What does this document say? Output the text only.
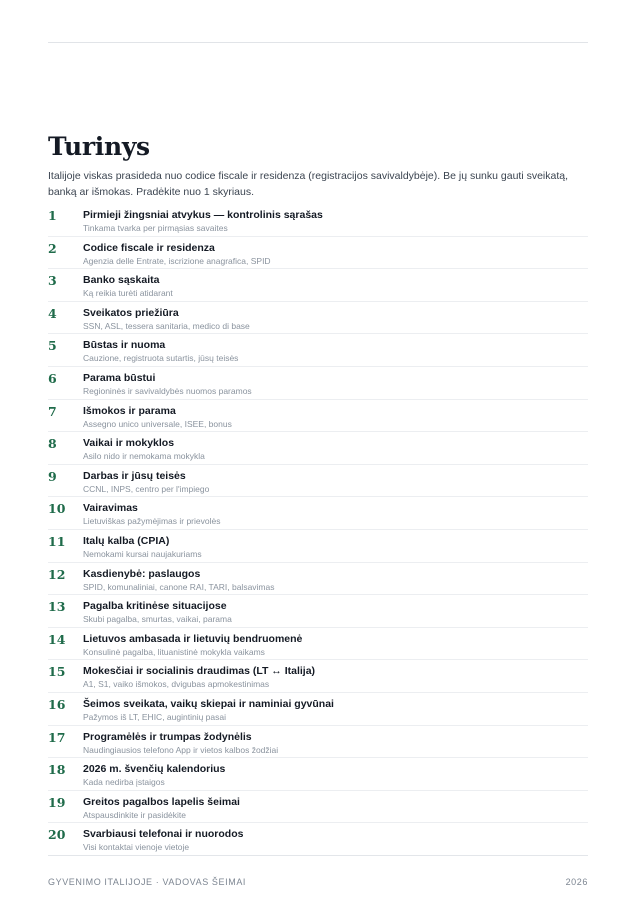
Turinys

Italijoje viskas prasideda nuo codice fiscale ir residenza (registracijos savivaldybėje). Be jų sunku gauti sveikatą, banką ar išmokas. Pradėkite nuo 1 skyriaus.

1	Pirmieji žingsniai atvykus — kontrolinis sąrašas
Tinkama tvarka per pirmąsias savaites
2	Codice fiscale ir residenza
Agenzia delle Entrate, iscrizione anagrafica, SPID
3	Banko sąskaita
Ką reikia turėti atidarant
4	Sveikatos priežiūra
SSN, ASL, tessera sanitaria, medico di base
5	Būstas ir nuoma
Cauzione, registruota sutartis, jūsų teisės
6	Parama būstui
Regioninės ir savivaldybės nuomos paramos
7	Išmokos ir parama
Assegno unico universale, ISEE, bonus
8	Vaikai ir mokyklos
Asilo nido ir nemokama mokykla
9	Darbas ir jūsų teisės
CCNL, INPS, centro per l'impiego
10 Vairavimas
Lietuviškas pažymėjimas ir prievolės
11 Italų kalba (CPIA)
Nemokami kursai naujakuriams
12 Kasdienybė: paslaugos
SPID, komunaliniai, canone RAI, TARI, balsavimas
13 Pagalba kritinėse situacijose
Skubi pagalba, smurtas, vaikai, parama
14 Lietuvos ambasada ir lietuvių bendruomenė
Konsulinė pagalba, lituanistinė mokykla vaikams
15 Mokesčiai ir socialinis draudimas (LT ↔ Italija)
A1, S1, vaiko išmokos, dvigubas apmokestinimas
16 Šeimos sveikata, vaikų skiepai ir naminiai gyvūnai
Pažymos iš LT, EHIC, augintinių pasai
17 Programėlės ir trumpas žodynėlis
Naudingiausios telefono App ir vietos kalbos žodžiai
18 2026 m. švenčių kalendorius
Kada nedirba įstaigos
19 Greitos pagalbos lapelis šeimai
Atspausdinkite ir pasidėkite
20 Svarbiausi telefonai ir nuorodos
Visi kontaktai vienoje vietoje
GYVENIMO ITALIJOJE · VADOVAS ŠEIMAI	2026
